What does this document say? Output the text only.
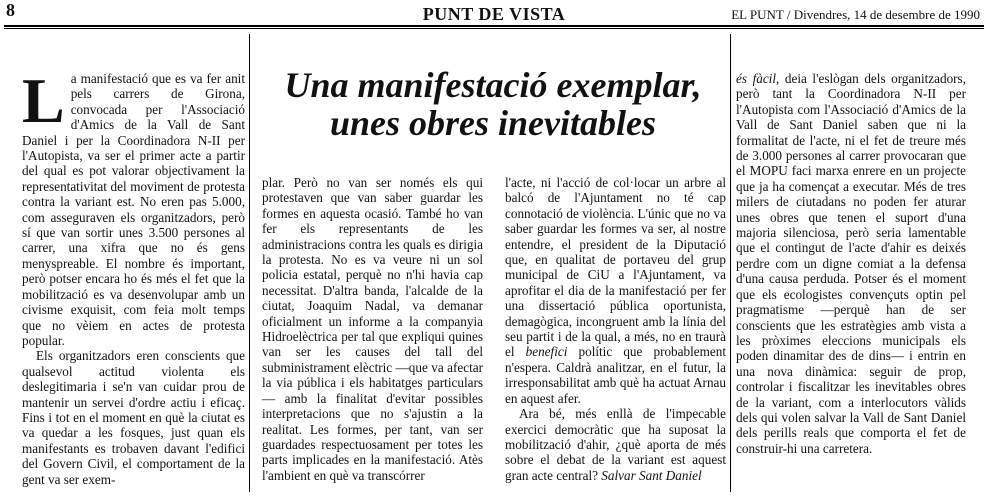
8	PUNT DE VISTA	EL PUNT / Divendres, 14 de desembre de 1990
Una manifestació exemplar,
unes obres inevitables

La manifestació que es va fer anit pels carrers de Girona, convocada per l'Associació d'Amics de la Vall de Sant Daniel i per la Coordinadora N-II per l'Autopista, va ser el primer acte a partir del qual es pot valorar objectivament la representativitat del moviment de protesta contra la variant est. No eren pas 5.000, com asseguraven els organitzadors, però sí que van sortir unes 3.500 persones al carrer, una xifra que no és gens menyspreable. El nombre és important, però potser encara ho és més el fet que la mobilització es va desenvolupar amb un civisme exquisit, com feia molt temps que no vèiem en actes de protesta popular.

Els organitzadors eren conscients que qualsevol actitud violenta els deslegitimaria i se'n van cuidar prou de mantenir un servei d'ordre actiu i eficaç. Fins i tot en el moment en què la ciutat es va quedar a les fosques, just quan els manifestants es trobaven davant l'edifici del Govern Civil, el comportament de la gent va ser exem-

plar. Però no van ser només els qui protestaven que van saber guardar les formes en aquesta ocasió. També ho van fer els representants de les administracions contra les quals es dirigia la protesta. No es va veure ni un sol policia estatal, perquè no n'hi havia cap necessitat. D'altra banda, l'alcalde de la ciutat, Joaquim Nadal, va demanar oficialment un informe a la companyia Hidroelèctrica per tal que expliqui quines van ser les causes del tall del subministrament elèctric —que va afectar la via pública i els habitatges particulars— amb la finalitat d'evitar possibles interpretacions que no s'ajustin a la realitat. Les formes, per tant, van ser guardades respectuosament per totes les parts implicades en la manifestació. Atès l'ambient en què va transcórrer

l'acte, ni l'acció de col·locar un arbre al balcó de l'Ajuntament no té cap connotació de violència. L'únic que no va saber guardar les formes va ser, al nostre entendre, el president de la Diputació que, en qualitat de portaveu del grup municipal de CiU a l'Ajuntament, va aprofitar el dia de la manifestació per fer una dissertació pública oportunista, demagògica, incongruent amb la línia del seu partit i de la qual, a més, no en traurà el benefici polític que probablement n'espera. Caldrà analitzar, en el futur, la irresponsabilitat amb què ha actuat Arnau en aquest afer.

Ara bé, més enllà de l'impecable exercici democràtic que ha suposat la mobilització d'ahir, ¿què aporta de més sobre el debat de la variant est aquest gran acte central? Salvar Sant Daniel

és fàcil, deia l'eslògan dels organitzadors, però tant la Coordinadora N-II per l'Autopista com l'Associació d'Amics de la Vall de Sant Daniel saben que ni la formalitat de l'acte, ni el fet de treure més de 3.000 persones al carrer provocaran que el MOPU faci marxa enrere en un projecte que ja ha començat a executar. Més de tres milers de ciutadans no poden fer aturar unes obres que tenen el suport d'una majoria silenciosa, però seria lamentable que el contingut de l'acte d'ahir es deixés perdre com un digne comiat a la defensa d'una causa perduda. Potser és el moment que els ecologistes convençuts optin pel pragmatisme —perquè han de ser conscients que les estratègies amb vista a les pròximes eleccions municipals els poden dinamitar des de dins— i entrin en una nova dinàmica: seguir de prop, controlar i fiscalitzar les inevitables obres de la variant, com a interlocutors vàlids dels qui volen salvar la Vall de Sant Daniel dels perills reals que comporta el fet de construir-hi una carretera.
